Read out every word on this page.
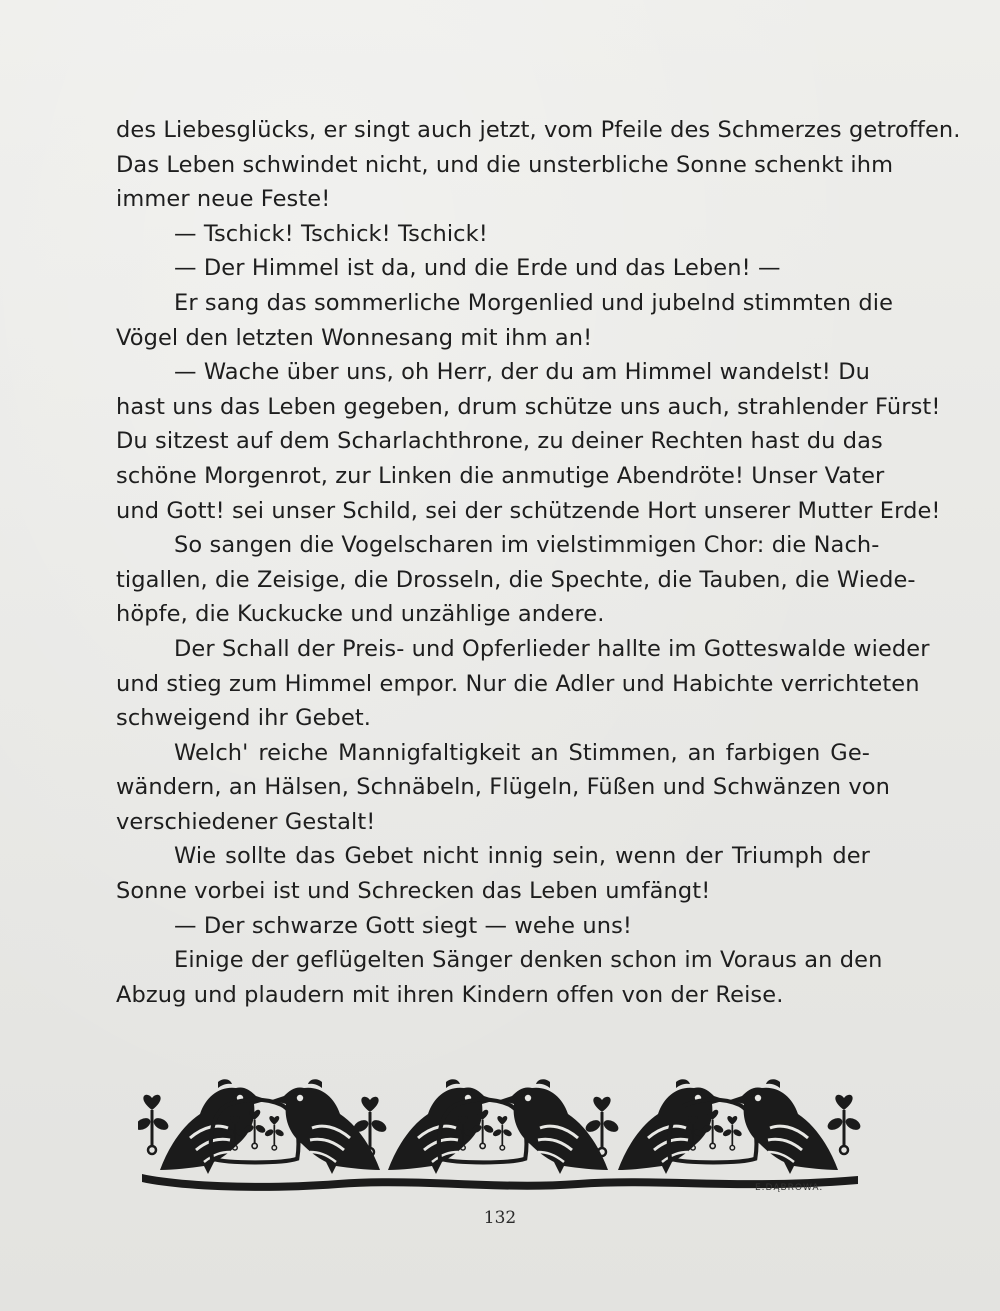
des Liebesglücks, er singt auch jetzt, vom Pfeile des Schmerzes getroffen.
Das Leben schwindet nicht, und die unsterbliche Sonne schenkt ihm
immer neue Feste!
— Tschick! Tschick! Tschick!
— Der Himmel ist da, und die Erde und das Leben! —
Er sang das sommerliche Morgenlied und jubelnd stimmten die
Vögel den letzten Wonnesang mit ihm an!
— Wache über uns, oh Herr, der du am Himmel wandelst! Du
hast uns das Leben gegeben, drum schütze uns auch, strahlender Fürst!
Du sitzest auf dem Scharlachthrone, zu deiner Rechten hast du das
schöne Morgenrot, zur Linken die anmutige Abendröte! Unser Vater
und Gott! sei unser Schild, sei der schützende Hort unserer Mutter Erde!
So sangen die Vogelscharen im vielstimmigen Chor: die Nach-
tigallen, die Zeisige, die Drosseln, die Spechte, die Tauben, die Wiede-
höpfe, die Kuckucke und unzählige andere.
Der Schall der Preis- und Opferlieder hallte im Gotteswalde wieder
und stieg zum Himmel empor. Nur die Adler und Habichte verrichteten
schweigend ihr Gebet.
Welch' reiche Mannigfaltigkeit an Stimmen, an farbigen Ge-
wändern, an Hälsen, Schnäbeln, Flügeln, Füßen und Schwänzen von
verschiedener Gestalt!
Wie sollte das Gebet nicht innig sein, wenn der Triumph der
Sonne vorbei ist und Schrecken das Leben umfängt!
— Der schwarze Gott siegt — wehe uns!
Einige der geflügelten Sänger denken schon im Voraus an den
Abzug und plaudern mit ihren Kindern offen von der Reise.
E.DĄBROWA.
132
